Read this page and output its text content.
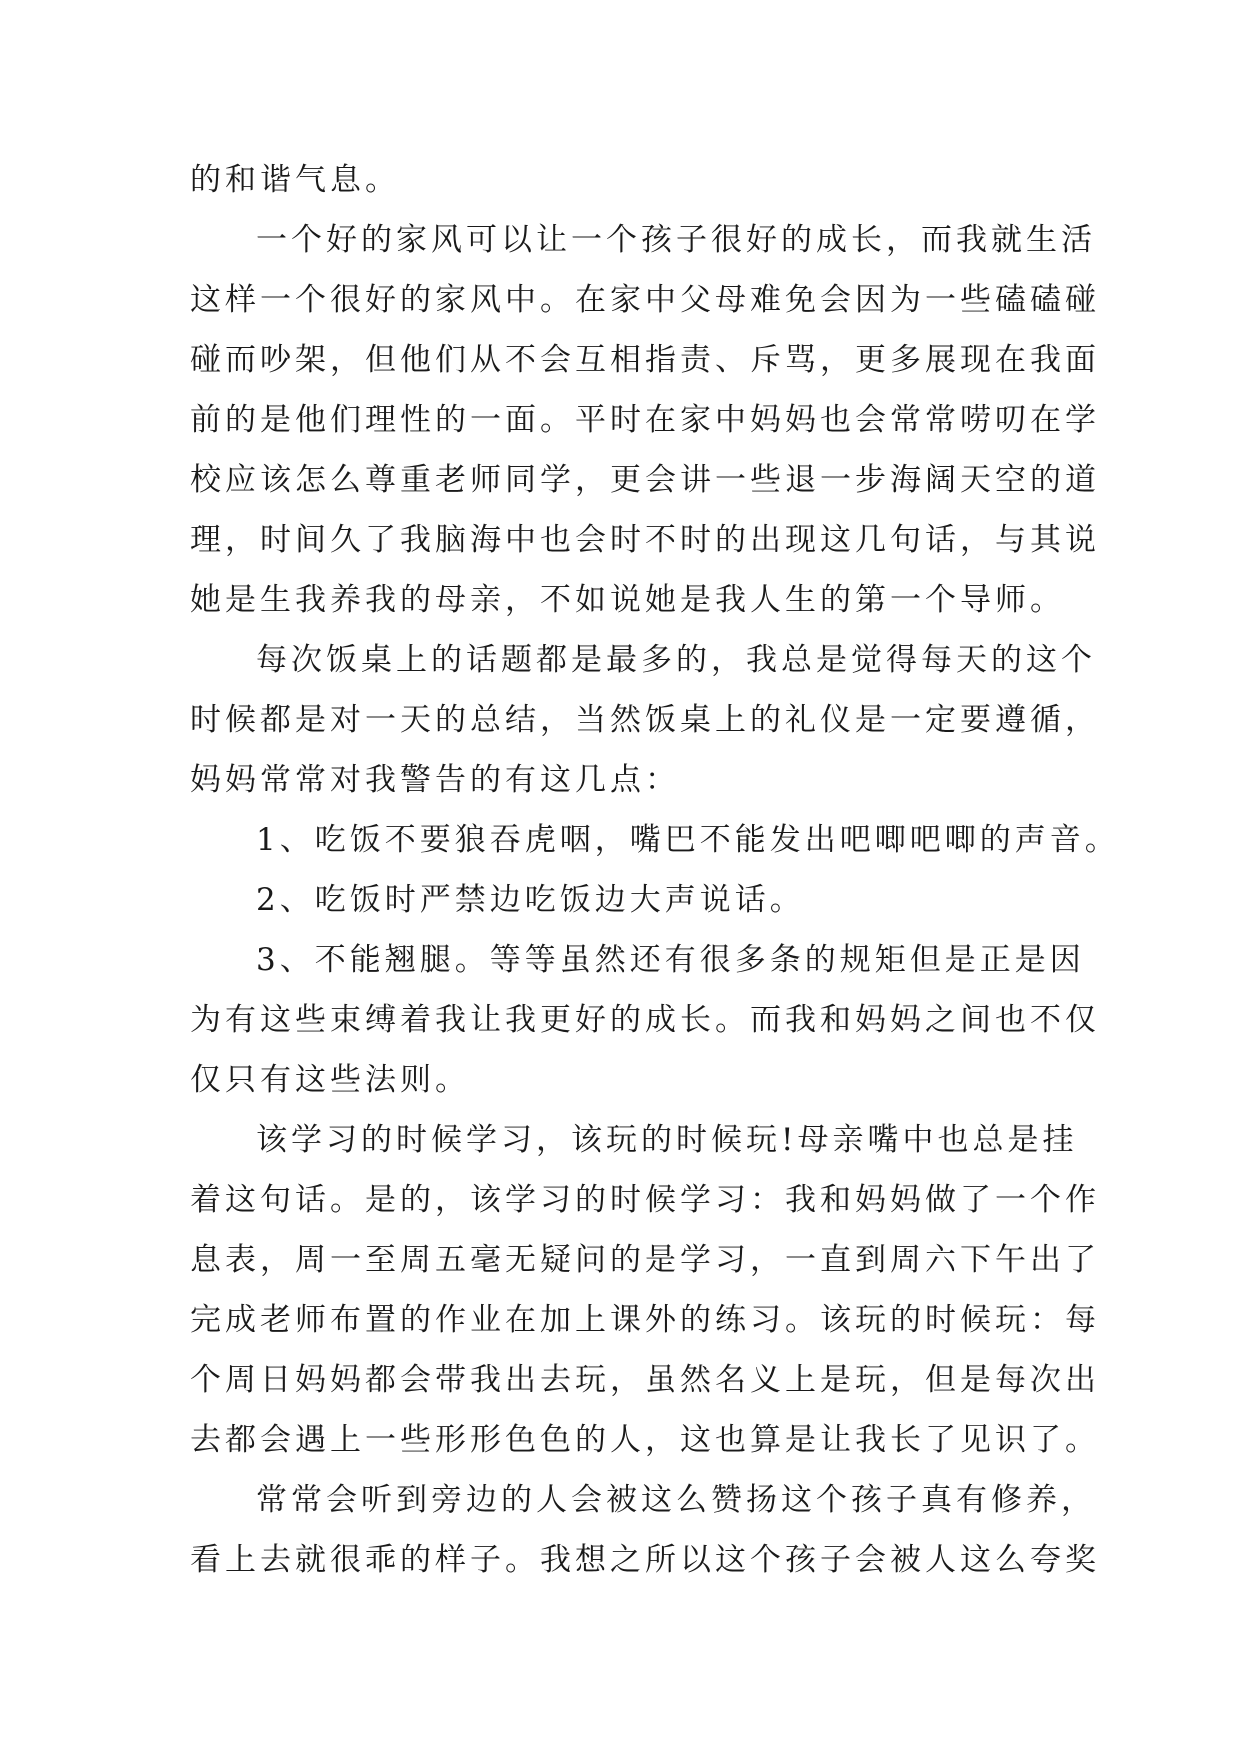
的和谐气息。
一个好的家风可以让一个孩子很好的成长，而我就生活
这样一个很好的家风中。在家中父母难免会因为一些磕磕碰
碰而吵架，但他们从不会互相指责、斥骂，更多展现在我面
前的是他们理性的一面。平时在家中妈妈也会常常唠叨在学
校应该怎么尊重老师同学，更会讲一些退一步海阔天空的道
理，时间久了我脑海中也会时不时的出现这几句话，与其说
她是生我养我的母亲，不如说她是我人生的第一个导师。
每次饭桌上的话题都是最多的，我总是觉得每天的这个
时候都是对一天的总结，当然饭桌上的礼仪是一定要遵循，
妈妈常常对我警告的有这几点：
1、吃饭不要狼吞虎咽，嘴巴不能发出吧唧吧唧的声音。
2、吃饭时严禁边吃饭边大声说话。
3、不能翘腿。等等虽然还有很多条的规矩但是正是因
为有这些束缚着我让我更好的成长。而我和妈妈之间也不仅
仅只有这些法则。
该学习的时候学习，该玩的时候玩!母亲嘴中也总是挂
着这句话。是的，该学习的时候学习：我和妈妈做了一个作
息表，周一至周五毫无疑问的是学习，一直到周六下午出了
完成老师布置的作业在加上课外的练习。该玩的时候玩：每
个周日妈妈都会带我出去玩，虽然名义上是玩，但是每次出
去都会遇上一些形形色色的人，这也算是让我长了见识了。
常常会听到旁边的人会被这么赞扬这个孩子真有修养，
看上去就很乖的样子。我想之所以这个孩子会被人这么夸奖
